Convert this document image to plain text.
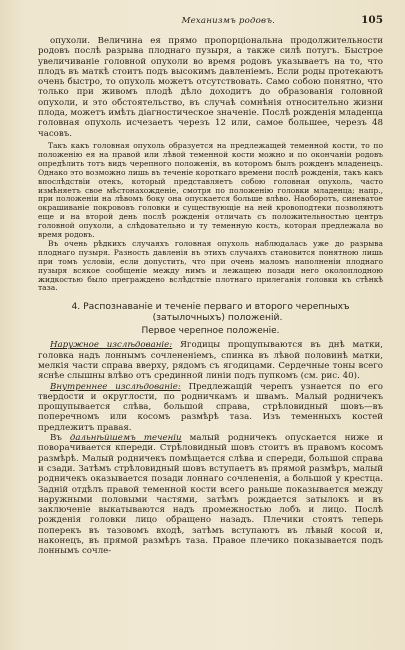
Механизмъ родовъ.	105

опухоли. Величина ея прямо пропорціональна продолжительности родовъ послѣ разрыва плоднаго пузыря, а также силѣ потугъ. Быстрое увеличиваніе головной опухоли во время родовъ указываетъ на то, что плодъ въ маткѣ стоитъ подъ высокимъ давленіемъ. Если роды протекаютъ очень быстро, то опухоль можетъ отсутствовать. Само собою понятно, что только при живомъ плодѣ дѣло доходитъ до образованія головной опухоли, и это обстоятельство, въ случаѣ сомнѣнія относительно жизни плода, можетъ имѣть діагностическое значеніе. Послѣ рожденія младенца головная опухоль исчезаетъ черезъ 12 или, самое большее, черезъ 48 часовъ.

Такъ какъ головная опухоль образуется на предлежащей теменной кости, то по положенію ея на правой или лѣвой теменной кости можно и по окончаніи родовъ опредѣлить тотъ видъ черепного положенія, въ которомъ былъ рожденъ младенецъ. Однако это возможно лишь въ теченіе короткаго времени послѣ рожденія, такъ какъ впослѣдствіи отекъ, который представляетъ собою головная опухоль, часто измѣняетъ свое мѣстонахожденіе, смотря по положенію головки младенца; напр., при положеніи на лѣвомъ боку она опускается больше влѣво. Наоборотъ, синеватое окрашиваніе покрововъ головки и существующіе на ней кровоподтеки позволяютъ еще и на второй день послѣ рожденія отличать съ положительностью центръ головной опухоли, а слѣдовательно и ту теменную кость, которая предлежала во время родовъ.

Въ очень рѣдкихъ случаяхъ головная опухоль наблюдалась уже до разрыва плоднаго пузыря. Разность давленія въ этихъ случаяхъ становится понятною лишь при томъ условіи, если допустить, что при очень маломъ наполненіи плоднаго пузыря всякое сообщеніе между нимъ и лежащею позади него околоплодною жидкостью было преграждено вслѣдствіе плотнаго прилеганія головки къ стѣнкѣ таза.

4. Распознаваніе и теченіе перваго и второго черепныхъ (затылочныхъ) положеній.
Первое черепное положеніе.

Наружное изслѣдованіе: Ягодицы прощупываются въ днѣ матки, головка надъ лоннымъ сочлененіемъ, спинка въ лѣвой половинѣ матки, мелкія части справа вверху, рядомъ съ ягодицами. Сердечные тоны всего яснѣе слышны влѣво отъ срединной линіи подъ пупкомъ (см. рис. 40).

Внутреннее изслѣдованіе: Предлежащій черепъ узнается по его твердости и округлости, по родничкамъ и швамъ. Малый родничекъ прощупывается слѣва, большой справа, стрѣловидный шовъ—въ поперечномъ или косомъ размѣрѣ таза. Изъ теменныхъ костей предлежитъ правая.

Въ дальнѣйшемъ теченіи малый родничекъ опускается ниже и поворачивается кпереди. Стрѣловидный шовъ стоитъ въ правомъ косомъ размѣрѣ. Малый родничекъ помѣщается слѣва и спереди, большой справа и сзади. Затѣмъ стрѣловидный шовъ вступаетъ въ прямой размѣръ, малый родничекъ оказывается позади лоннаго сочлененія, а большой у крестца. Задній отдѣлъ правой теменной кости всего раньше показывается между наружными половыми частями, затѣмъ рождается затылокъ и въ заключеніе выкатываются надъ промежностью лобъ и лицо. Послѣ рожденія головки лицо обращено назадъ. Плечики стоятъ теперь поперекъ въ тазовомъ входѣ, затѣмъ вступаютъ въ лѣвый косой и, наконецъ, въ прямой размѣръ таза. Правое плечико показывается подъ лоннымъ сочле-
